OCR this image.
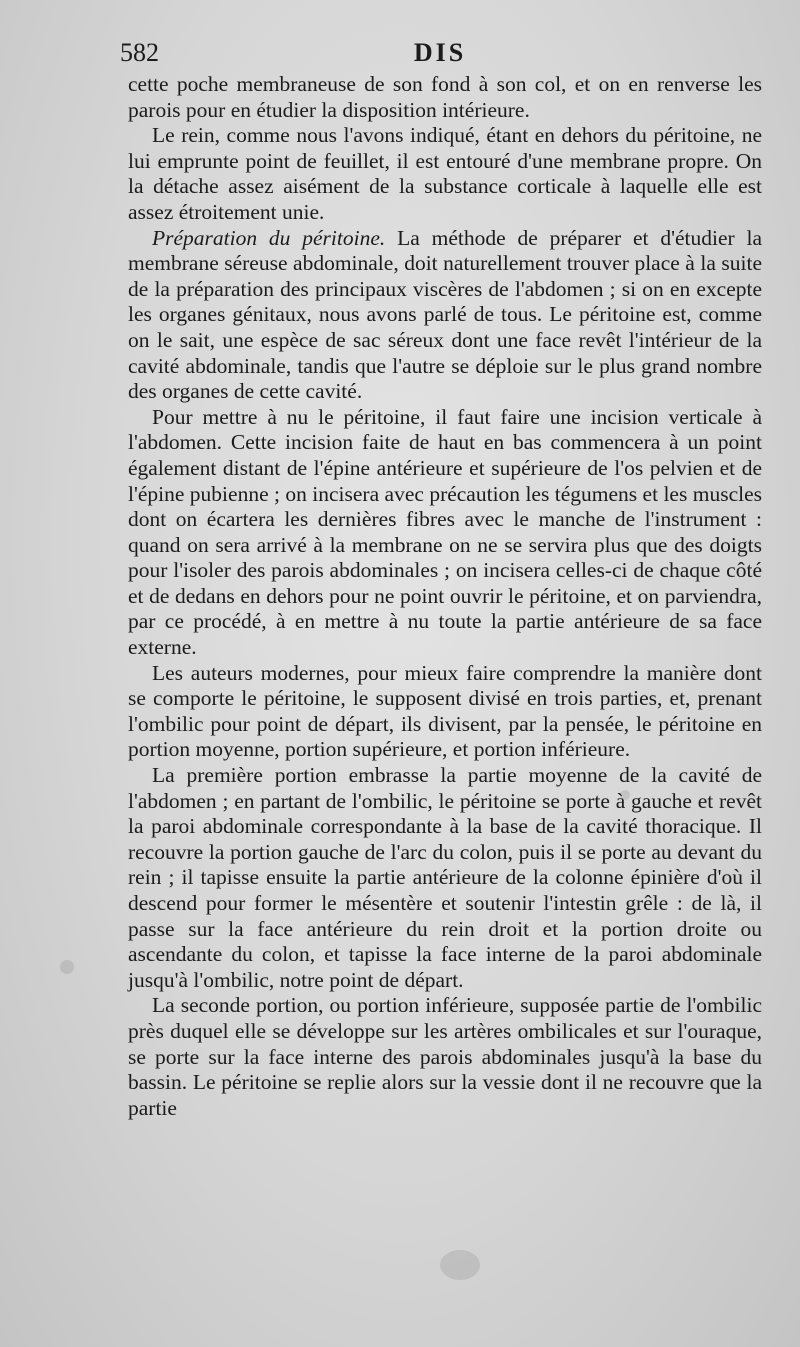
582	DIS

cette poche membraneuse de son fond à son col, et on en renverse les parois pour en étudier la disposition intérieure.

Le rein, comme nous l'avons indiqué, étant en dehors du péritoine, ne lui emprunte point de feuillet, il est entouré d'une membrane propre. On la détache assez aisément de la substance corticale à laquelle elle est assez étroitement unie.

Préparation du péritoine. La méthode de préparer et d'étudier la membrane séreuse abdominale, doit naturellement trouver place à la suite de la préparation des principaux viscères de l'abdomen ; si on en excepte les organes génitaux, nous avons parlé de tous. Le péritoine est, comme on le sait, une espèce de sac séreux dont une face revêt l'intérieur de la cavité abdominale, tandis que l'autre se déploie sur le plus grand nombre des organes de cette cavité.

Pour mettre à nu le péritoine, il faut faire une incision verticale à l'abdomen. Cette incision faite de haut en bas commencera à un point également distant de l'épine antérieure et supérieure de l'os pelvien et de l'épine pubienne ; on incisera avec précaution les tégumens et les muscles dont on écartera les dernières fibres avec le manche de l'instrument : quand on sera arrivé à la membrane on ne se servira plus que des doigts pour l'isoler des parois abdominales ; on incisera celles-ci de chaque côté et de dedans en dehors pour ne point ouvrir le péritoine, et on parviendra, par ce procédé, à en mettre à nu toute la partie antérieure de sa face externe.

Les auteurs modernes, pour mieux faire comprendre la manière dont se comporte le péritoine, le supposent divisé en trois parties, et, prenant l'ombilic pour point de départ, ils divisent, par la pensée, le péritoine en portion moyenne, portion supérieure, et portion inférieure.

La première portion embrasse la partie moyenne de la cavité de l'abdomen ; en partant de l'ombilic, le péritoine se porte à gauche et revêt la paroi abdominale correspondante à la base de la cavité thoracique. Il recouvre la portion gauche de l'arc du colon, puis il se porte au devant du rein ; il tapisse ensuite la partie antérieure de la colonne épinière d'où il descend pour former le mésentère et soutenir l'intestin grêle : de là, il passe sur la face antérieure du rein droit et la portion droite ou ascendante du colon, et tapisse la face interne de la paroi abdominale jusqu'à l'ombilic, notre point de départ.

La seconde portion, ou portion inférieure, supposée partie de l'ombilic près duquel elle se développe sur les artères ombilicales et sur l'ouraque, se porte sur la face interne des parois abdominales jusqu'à la base du bassin. Le péritoine se replie alors sur la vessie dont il ne recouvre que la partie
